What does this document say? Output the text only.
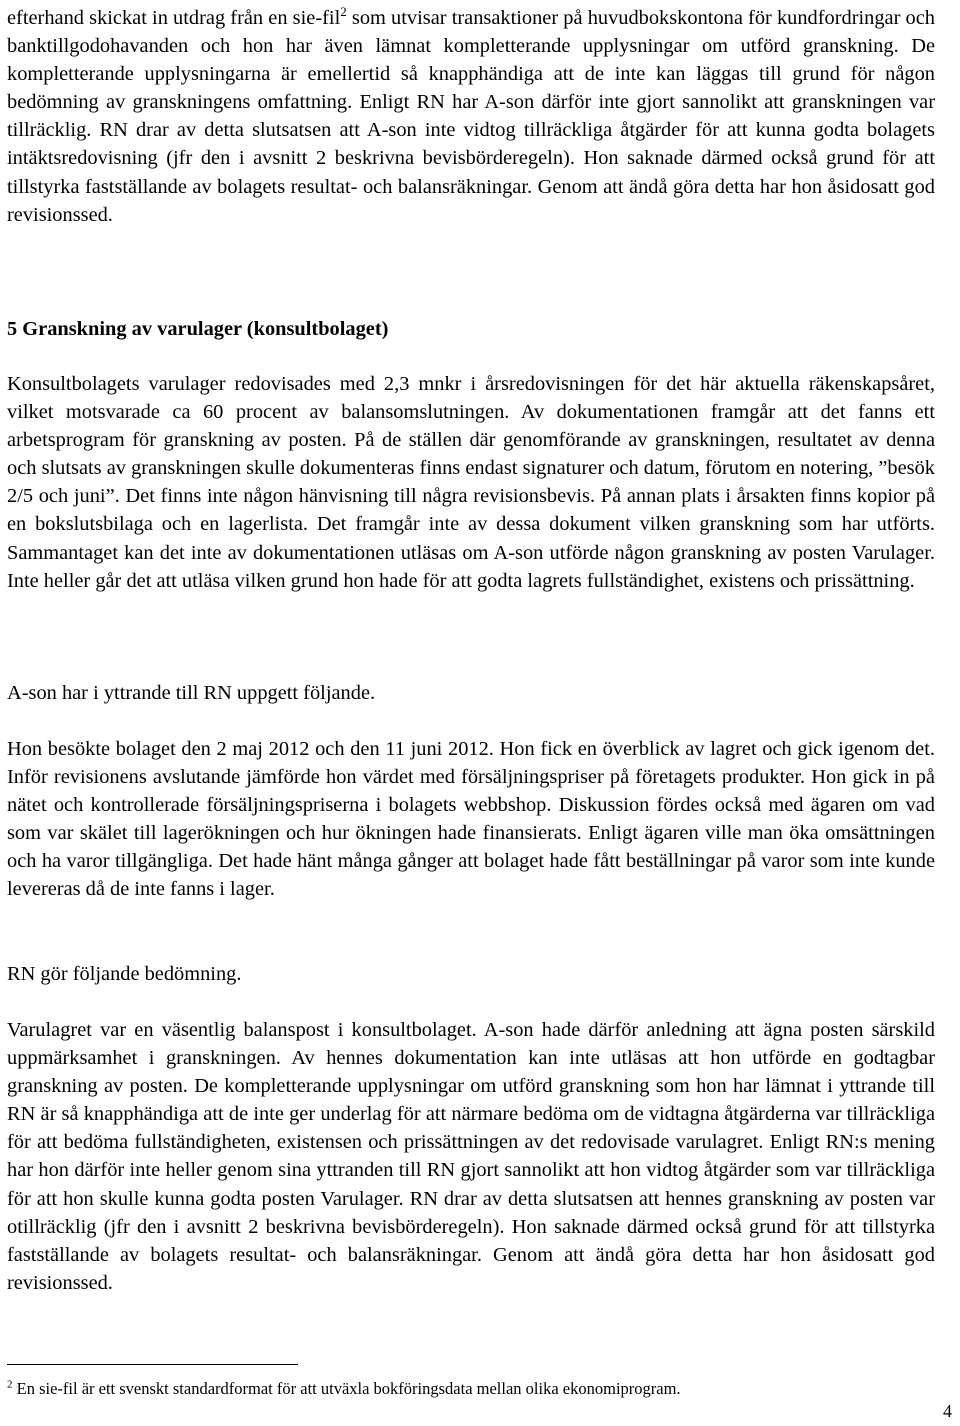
efterhand skickat in utdrag från en sie-fil$^2$ som utvisar transaktioner på huvudbokskontona för kundfordringar och banktillgodohavanden och hon har även lämnat kompletterande upplysningar om utförd granskning. De kompletterande upplysningarna är emellertid så knapphändiga att de inte kan läggas till grund för någon bedömning av granskningens omfattning. Enligt RN har A-son därför inte gjort sannolikt att granskningen var tillräcklig. RN drar av detta slutsatsen att A-son inte vidtog tillräckliga åtgärder för att kunna godta bolagets intäktsredovisning (jfr den i avsnitt 2 beskrivna bevisbörderegeln). Hon saknade därmed också grund för att tillstyrka fastställande av bolagets resultat- och balansräkningar. Genom att ändå göra detta har hon åsidosatt god revisionssed.

5 Granskning av varulager (konsultbolaget)

Konsultbolagets varulager redovisades med 2,3 mnkr i årsredovisningen för det här aktuella räkenskapsåret, vilket motsvarade ca 60 procent av balansomslutningen. Av dokumentationen framgår att det fanns ett arbetsprogram för granskning av posten. På de ställen där genomförande av granskningen, resultatet av denna och slutsats av granskningen skulle dokumenteras finns endast signaturer och datum, förutom en notering, ”besök 2/5 och juni”. Det finns inte någon hänvisning till några revisionsbevis. På annan plats i årsakten finns kopior på en bokslutsbilaga och en lagerlista. Det framgår inte av dessa dokument vilken granskning som har utförts. Sammantaget kan det inte av dokumentationen utläsas om A-son utförde någon granskning av posten Varulager. Inte heller går det att utläsa vilken grund hon hade för att godta lagrets fullständighet, existens och prissättning.

A-son har i yttrande till RN uppgett följande.

Hon besökte bolaget den 2 maj 2012 och den 11 juni 2012. Hon fick en överblick av lagret och gick igenom det. Inför revisionens avslutande jämförde hon värdet med försäljningspriser på företagets produkter. Hon gick in på nätet och kontrollerade försäljningspriserna i bolagets webbshop. Diskussion fördes också med ägaren om vad som var skälet till lagerökningen och hur ökningen hade finansierats. Enligt ägaren ville man öka omsättningen och ha varor tillgängliga. Det hade hänt många gånger att bolaget hade fått beställningar på varor som inte kunde levereras då de inte fanns i lager.

RN gör följande bedömning.

Varulagret var en väsentlig balanspost i konsultbolaget. A-son hade därför anledning att ägna posten särskild uppmärksamhet i granskningen. Av hennes dokumentation kan inte utläsas att hon utförde en godtagbar granskning av posten. De kompletterande upplysningar om utförd granskning som hon har lämnat i yttrande till RN är så knapphändiga att de inte ger underlag för att närmare bedöma om de vidtagna åtgärderna var tillräckliga för att bedöma fullständigheten, existensen och prissättningen av det redovisade varulagret. Enligt RN:s mening har hon därför inte heller genom sina yttranden till RN gjort sannolikt att hon vidtog åtgärder som var tillräckliga för att hon skulle kunna godta posten Varulager. RN drar av detta slutsatsen att hennes granskning av posten var otillräcklig (jfr den i avsnitt 2 beskrivna bevisbörderegeln). Hon saknade därmed också grund för att tillstyrka fastställande av bolagets resultat- och balansräkningar. Genom att ändå göra detta har hon åsidosatt god revisionssed.

$^2$ En sie-fil är ett svenskt standardformat för att utväxla bokföringsdata mellan olika ekonomiprogram.

4
